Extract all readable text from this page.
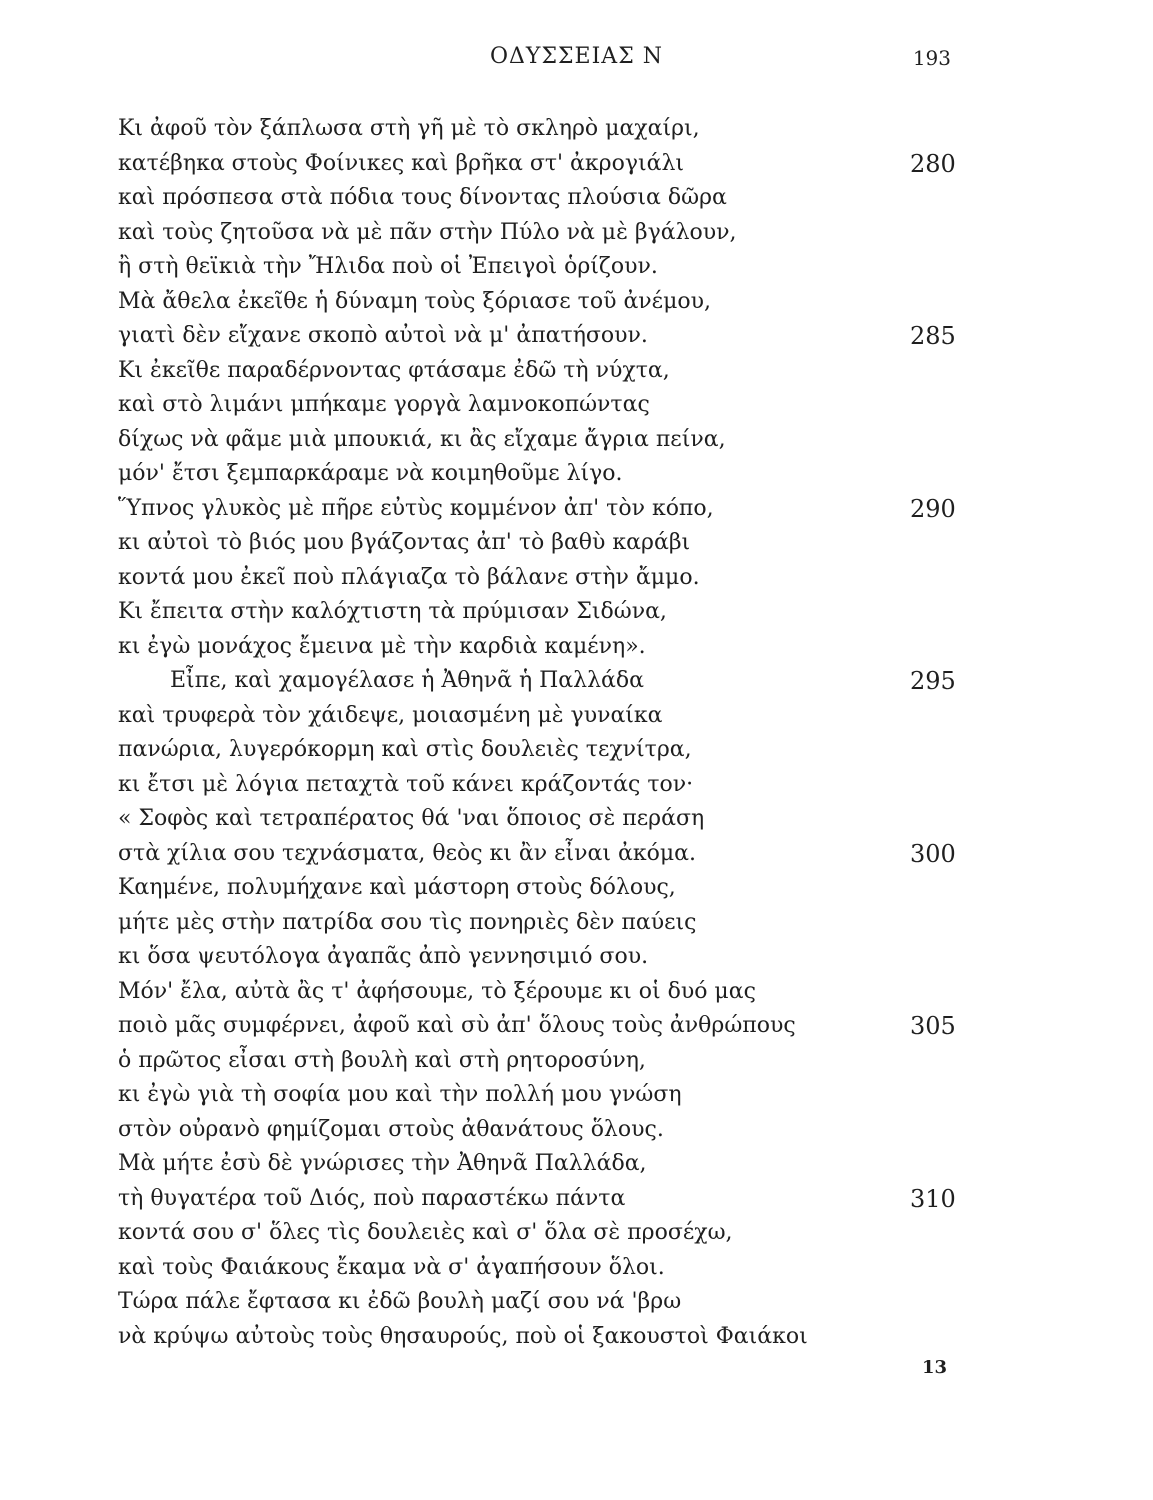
ΟΔΥΣΣΕΙΑΣ Ν	193
Κι ἀφοῦ τὸν ξάπλωσα στὴ γῆ μὲ τὸ σκληρὸ μαχαίρι,
κατέβηκα στοὺς Φοίνικες καὶ βρῆκα στ' ἀκρογιάλι	280
καὶ πρόσπεσα στὰ πόδια τους δίνοντας πλούσια δῶρα
καὶ τοὺς ζητοῦσα νὰ μὲ πᾶν στὴν Πύλο νὰ μὲ βγάλουν,
ἢ στὴ θεϊκιὰ τὴν Ἤλιδα ποὺ οἱ Ἐπειγοὶ ὁρίζουν.
Μὰ ἄθελα ἐκεῖθε ἡ δύναμη τοὺς ξόριασε τοῦ ἀνέμου,
γιατὶ δὲν εἴχανε σκοπὸ αὐτοὶ νὰ μ' ἀπατήσουν.	285
Κι ἐκεῖθε παραδέρνοντας φτάσαμε ἐδῶ τὴ νύχτα,
καὶ στὸ λιμάνι μπήκαμε γοργὰ λαμνοκοπώντας
δίχως νὰ φᾶμε μιὰ μπουκιά, κι ἂς εἴχαμε ἄγρια πείνα,
μόν' ἔτσι ξεμπαρκάραμε νὰ κοιμηθοῦμε λίγο.
Ὕπνος γλυκὸς μὲ πῆρε εὐτὺς κομμένον ἀπ' τὸν κόπο,	290
κι αὐτοὶ τὸ βιός μου βγάζοντας ἀπ' τὸ βαθὺ καράβι
κοντά μου ἐκεῖ ποὺ πλάγιαζα τὸ βάλανε στὴν ἄμμο.
Κι ἔπειτα στὴν καλόχτιστη τὰ πρύμισαν Σιδώνα,
κι ἐγὼ μονάχος ἔμεινα μὲ τὴν καρδιὰ καμένη».
Εἶπε, καὶ χαμογέλασε ἡ Ἀθηνᾶ ἡ Παλλάδα	295
καὶ τρυφερὰ τὸν χάιδεψε, μοιασμένη μὲ γυναίκα
πανώρια, λυγερόκορμη καὶ στὶς δουλειὲς τεχνίτρα,
κι ἔτσι μὲ λόγια πεταχτὰ τοῦ κάνει κράζοντάς τον·
« Σοφὸς καὶ τετραπέρατος θά 'ναι ὅποιος σὲ περάση
στὰ χίλια σου τεχνάσματα, θεὸς κι ἂν εἶναι ἀκόμα.	300
Καημένε, πολυμήχανε καὶ μάστορη στοὺς δόλους,
μήτε μὲς στὴν πατρίδα σου τὶς πονηριὲς δὲν παύεις
κι ὅσα ψευτόλογα ἀγαπᾶς ἀπὸ γεννησιμιό σου.
Μόν' ἔλα, αὐτὰ ἂς τ' ἀφήσουμε, τὸ ξέρουμε κι οἱ δυό μας
ποιὸ μᾶς συμφέρνει, ἀφοῦ καὶ σὺ ἀπ' ὅλους τοὺς ἀνθρώπους	305
ὁ πρῶτος εἶσαι στὴ βουλὴ καὶ στὴ ρητοροσύνη,
κι ἐγὼ γιὰ τὴ σοφία μου καὶ τὴν πολλή μου γνώση
στὸν οὐρανὸ φημίζομαι στοὺς ἀθανάτους ὅλους.
Μὰ μήτε ἐσὺ δὲ γνώρισες τὴν Ἀθηνᾶ Παλλάδα,
τὴ θυγατέρα τοῦ Διός, ποὺ παραστέκω πάντα	310
κοντά σου σ' ὅλες τὶς δουλειὲς καὶ σ' ὅλα σὲ προσέχω,
καὶ τοὺς Φαιάκους ἔκαμα νὰ σ' ἀγαπήσουν ὅλοι.
Τώρα πάλε ἔφτασα κι ἐδῶ βουλὴ μαζί σου νά 'βρω
νὰ κρύψω αὐτοὺς τοὺς θησαυρούς, ποὺ οἱ ξακουστοὶ Φαιάκοι
13
